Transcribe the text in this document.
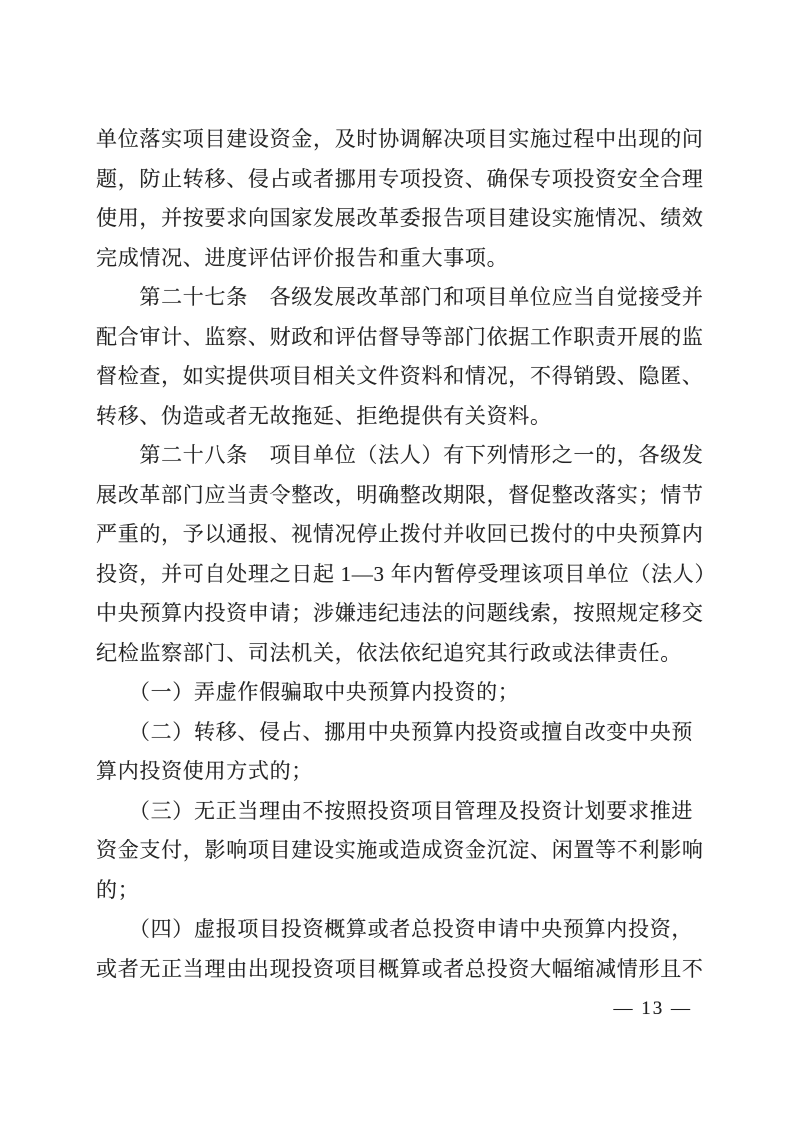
单位落实项目建设资金，及时协调解决项目实施过程中出现的问
题，防止转移、侵占或者挪用专项投资、确保专项投资安全合理
使用，并按要求向国家发展改革委报告项目建设实施情况、绩效
完成情况、进度评估评价报告和重大事项。
　　第二十七条　各级发展改革部门和项目单位应当自觉接受并
配合审计、监察、财政和评估督导等部门依据工作职责开展的监
督检查，如实提供项目相关文件资料和情况，不得销毁、隐匿、
转移、伪造或者无故拖延、拒绝提供有关资料。
　　第二十八条　项目单位（法人）有下列情形之一的，各级发
展改革部门应当责令整改，明确整改期限，督促整改落实；情节
严重的，予以通报、视情况停止拨付并收回已拨付的中央预算内
投资，并可自处理之日起 1—3 年内暂停受理该项目单位（法人）
中央预算内投资申请；涉嫌违纪违法的问题线索，按照规定移交
纪检监察部门、司法机关，依法依纪追究其行政或法律责任。
　　（一）弄虚作假骗取中央预算内投资的；
　　（二）转移、侵占、挪用中央预算内投资或擅自改变中央预
算内投资使用方式的；
　　（三）无正当理由不按照投资项目管理及投资计划要求推进
资金支付，影响项目建设实施或造成资金沉淀、闲置等不利影响
的；
　　（四）虚报项目投资概算或者总投资申请中央预算内投资，
或者无正当理由出现投资项目概算或者总投资大幅缩减情形且不
— 13 —
